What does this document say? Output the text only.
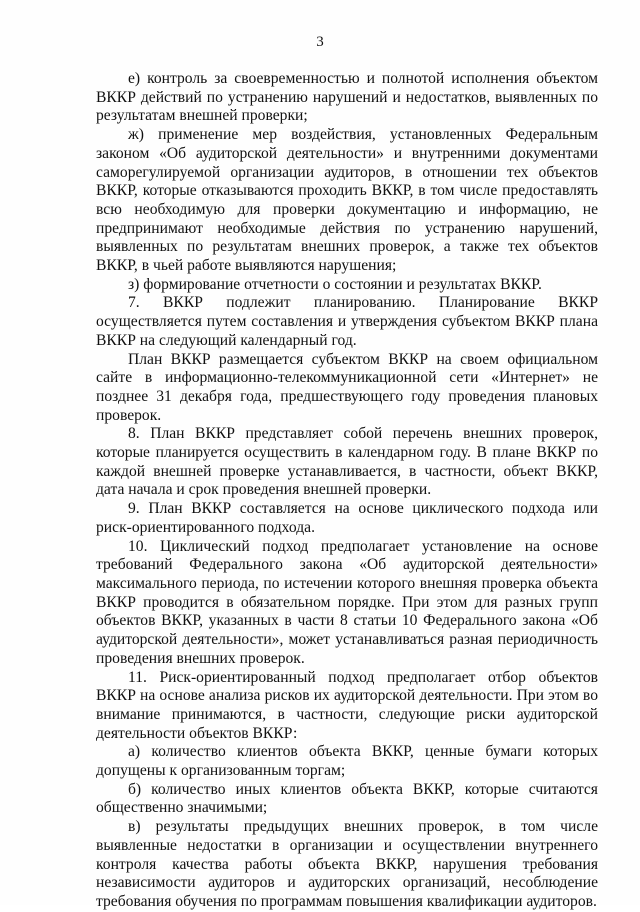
3

е) контроль за своевременностью и полнотой исполнения объектом ВККР действий по устранению нарушений и недостатков, выявленных по результатам внешней проверки;

ж) применение мер воздействия, установленных Федеральным законом «Об аудиторской деятельности» и внутренними документами саморегулируемой организации аудиторов, в отношении тех объектов ВККР, которые отказываются проходить ВККР, в том числе предоставлять всю необходимую для проверки документацию и информацию, не предпринимают необходимые действия по устранению нарушений, выявленных по результатам внешних проверок, а также тех объектов ВККР, в чьей работе выявляются нарушения;

з) формирование отчетности о состоянии и результатах ВККР.

7. ВККР подлежит планированию. Планирование ВККР осуществляется путем составления и утверждения субъектом ВККР плана ВККР на следующий календарный год.

План ВККР размещается субъектом ВККР на своем официальном сайте в информационно-телекоммуникационной сети «Интернет» не позднее 31 декабря года, предшествующего году проведения плановых проверок.

8. План ВККР представляет собой перечень внешних проверок, которые планируется осуществить в календарном году. В плане ВККР по каждой внешней проверке устанавливается, в частности, объект ВККР, дата начала и срок проведения внешней проверки.

9. План ВККР составляется на основе циклического подхода или риск-ориентированного подхода.

10. Циклический подход предполагает установление на основе требований Федерального закона «Об аудиторской деятельности» максимального периода, по истечении которого внешняя проверка объекта ВККР проводится в обязательном порядке. При этом для разных групп объектов ВККР, указанных в части 8 статьи 10 Федерального закона «Об аудиторской деятельности», может устанавливаться разная периодичность проведения внешних проверок.

11. Риск-ориентированный подход предполагает отбор объектов ВККР на основе анализа рисков их аудиторской деятельности. При этом во внимание принимаются, в частности, следующие риски аудиторской деятельности объектов ВККР:

а) количество клиентов объекта ВККР, ценные бумаги которых допущены к организованным торгам;

б) количество иных клиентов объекта ВККР, которые считаются общественно значимыми;

в) результаты предыдущих внешних проверок, в том числе выявленные недостатки в организации и осуществлении внутреннего контроля качества работы объекта ВККР, нарушения требования независимости аудиторов и аудиторских организаций, несоблюдение требования обучения по программам повышения квалификации аудиторов.
